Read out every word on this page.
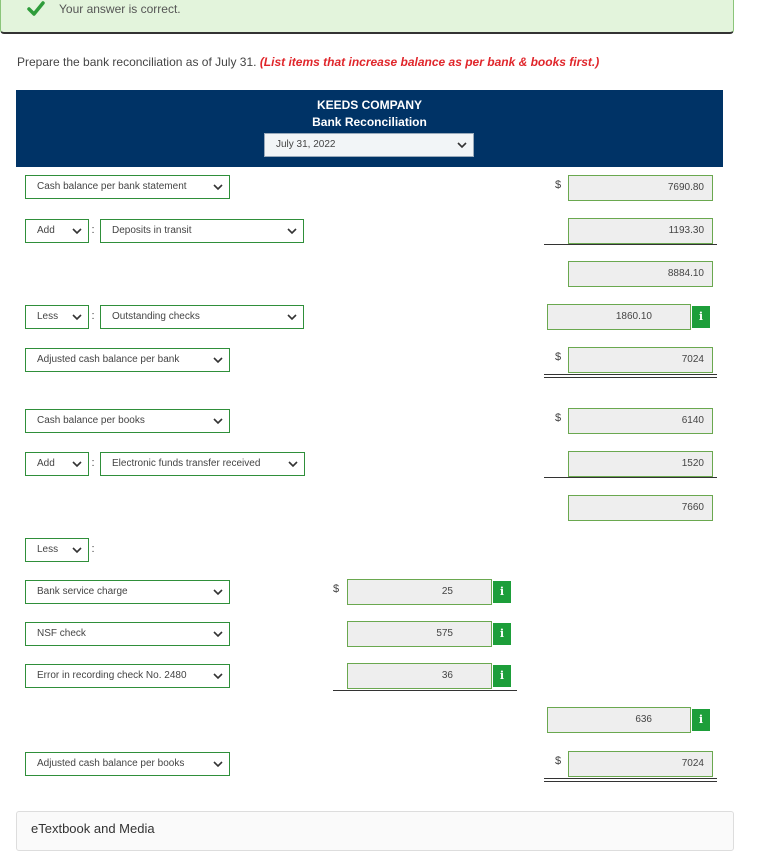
Your answer is correct.
Prepare the bank reconciliation as of July 31. (List items that increase balance as per bank & books first.)
KEEDS COMPANY
Bank Reconciliation
July 31, 2022
Cash balance per bank statement	$	7690.80
Add	:	Deposits in transit	1193.30
8884.10
Less	:	Outstanding checks	1860.10	i
Adjusted cash balance per bank	$	7024
Cash balance per books	$	6140
Add	:	Electronic funds transfer received	1520
7660
Less	:
Bank service charge	$	25	i
NSF check	575	i
Error in recording check No. 2480	36	i
636	i
Adjusted cash balance per books	$	7024
eTextbook and Media
